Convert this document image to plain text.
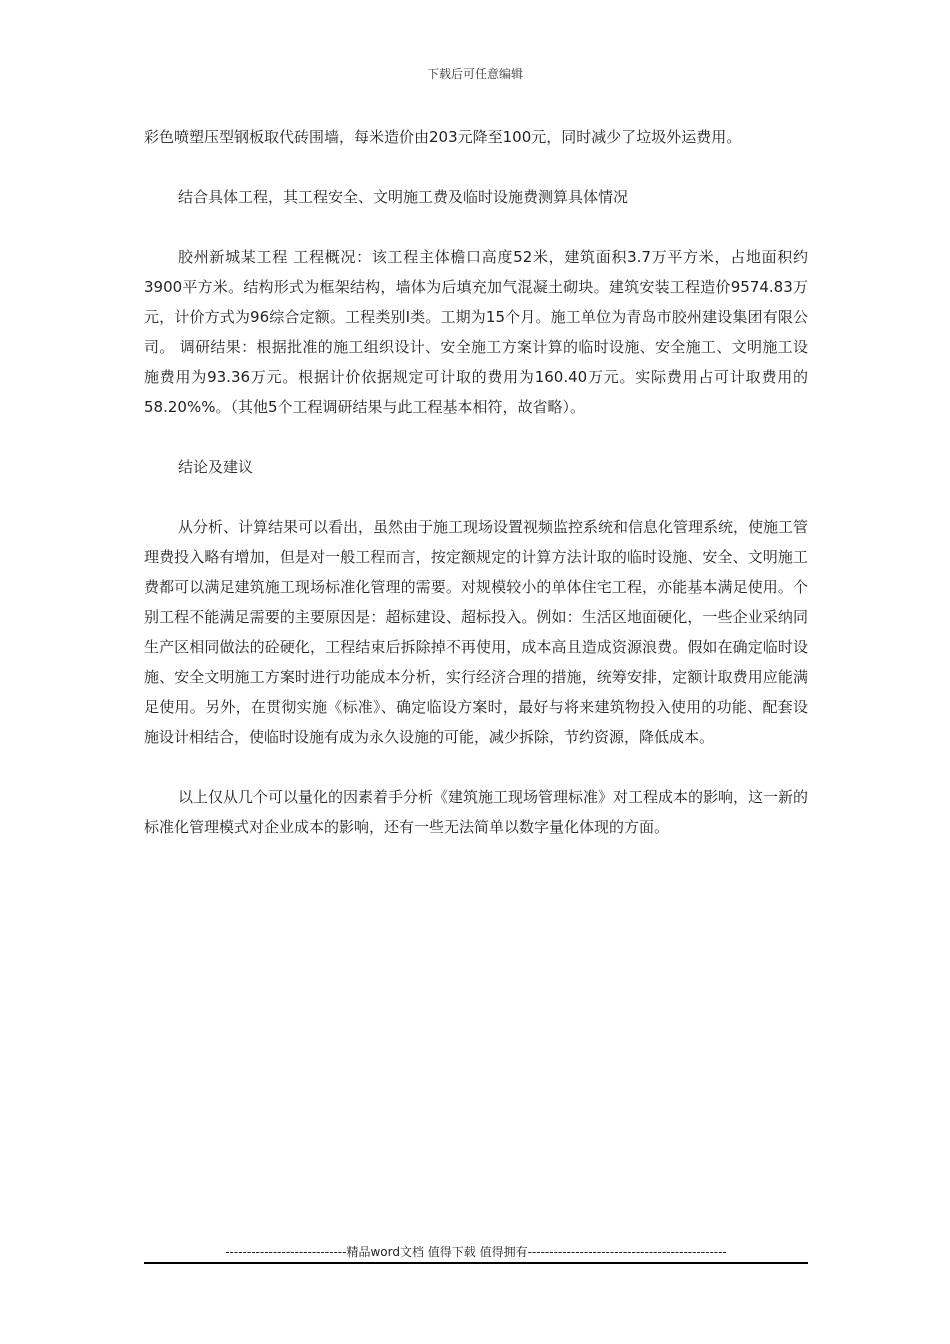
下载后可任意编辑

彩色喷塑压型钢板取代砖围墙，每米造价由203元降至100元，同时减少了垃圾外运费用。

结合具体工程，其工程安全、文明施工费及临时设施费测算具体情况

胶州新城某工程 工程概况：该工程主体檐口高度52米，建筑面积3.7万平方米，占地面积约3900平方米。结构形式为框架结构，墙体为后填充加气混凝土砌块。建筑安装工程造价9574.83万元，计价方式为96综合定额。工程类别Ⅰ类。工期为15个月。施工单位为青岛市胶州建设集团有限公司。 调研结果：根据批准的施工组织设计、安全施工方案计算的临时设施、安全施工、文明施工设施费用为93.36万元。根据计价依据规定可计取的费用为160.40万元。实际费用占可计取费用的58.20%%。（其他5个工程调研结果与此工程基本相符，故省略）。

结论及建议

从分析、计算结果可以看出，虽然由于施工现场设置视频监控系统和信息化管理系统，使施工管理费投入略有增加，但是对一般工程而言，按定额规定的计算方法计取的临时设施、安全、文明施工费都可以满足建筑施工现场标准化管理的需要。对规模较小的单体住宅工程，亦能基本满足使用。个别工程不能满足需要的主要原因是：超标建设、超标投入。例如：生活区地面硬化，一些企业采纳同生产区相同做法的砼硬化，工程结束后拆除掉不再使用，成本高且造成资源浪费。假如在确定临时设施、安全文明施工方案时进行功能成本分析，实行经济合理的措施，统筹安排，定额计取费用应能满足使用。另外，在贯彻实施《标准》、确定临设方案时，最好与将来建筑物投入使用的功能、配套设施设计相结合，使临时设施有成为永久设施的可能，减少拆除，节约资源，降低成本。

以上仅从几个可以量化的因素着手分析《建筑施工现场管理标准》对工程成本的影响，这一新的标准化管理模式对企业成本的影响，还有一些无法简单以数字量化体现的方面。

----------------------------精品word文档 值得下载 值得拥有----------------------------------------------
